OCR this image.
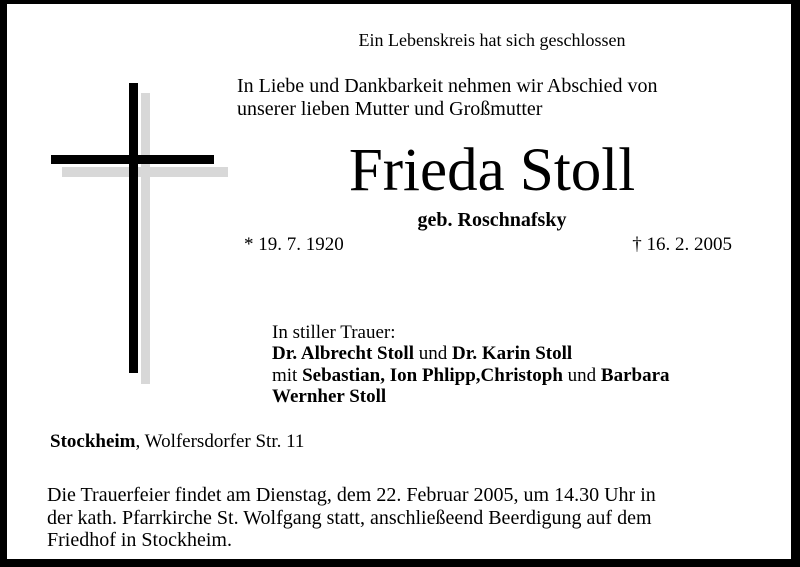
Ein Lebenskreis hat sich geschlossen
In Liebe und Dankbarkeit nehmen wir Abschied von
unserer lieben Mutter und Großmutter
Frieda Stoll
geb. Roschnafsky
* 19. 7. 1920	† 16. 2. 2005
In stiller Trauer:
Dr. Albrecht Stoll und Dr. Karin Stoll
mit Sebastian, Ion Phlipp,Christoph und Barbara
Wernher Stoll
Stockheim, Wolfersdorfer Str. 11
Die Trauerfeier findet am Dienstag, dem 22. Februar 2005, um 14.30 Uhr in
der kath. Pfarrkirche St. Wolfgang statt, anschließeend Beerdigung auf dem
Friedhof in Stockheim.
